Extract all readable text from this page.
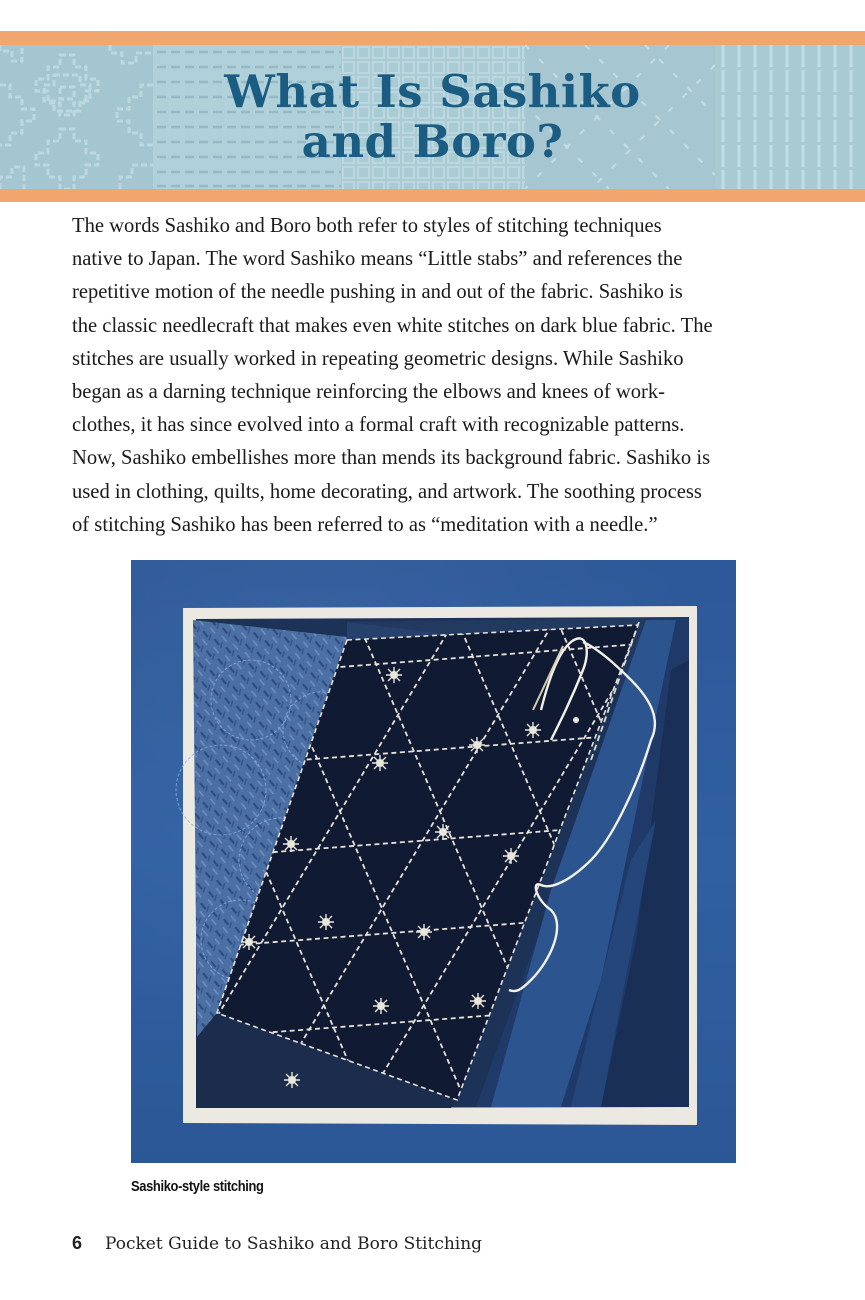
What Is Sashiko
and Boro?
The words Sashiko and Boro both refer to styles of stitching techniques
native to Japan. The word Sashiko means “Little stabs” and references the
repetitive motion of the needle pushing in and out of the fabric. Sashiko is
the classic needlecraft that makes even white stitches on dark blue fabric. The
stitches are usually worked in repeating geometric designs. While Sashiko
began as a darning technique reinforcing the elbows and knees of work-
clothes, it has since evolved into a formal craft with recognizable patterns.
Now, Sashiko embellishes more than mends its background fabric. Sashiko is
used in clothing, quilts, home decorating, and artwork. The soothing process
of stitching Sashiko has been referred to as “meditation with a needle.”
Sashiko-style stitching
6	Pocket Guide to Sashiko and Boro Stitching
